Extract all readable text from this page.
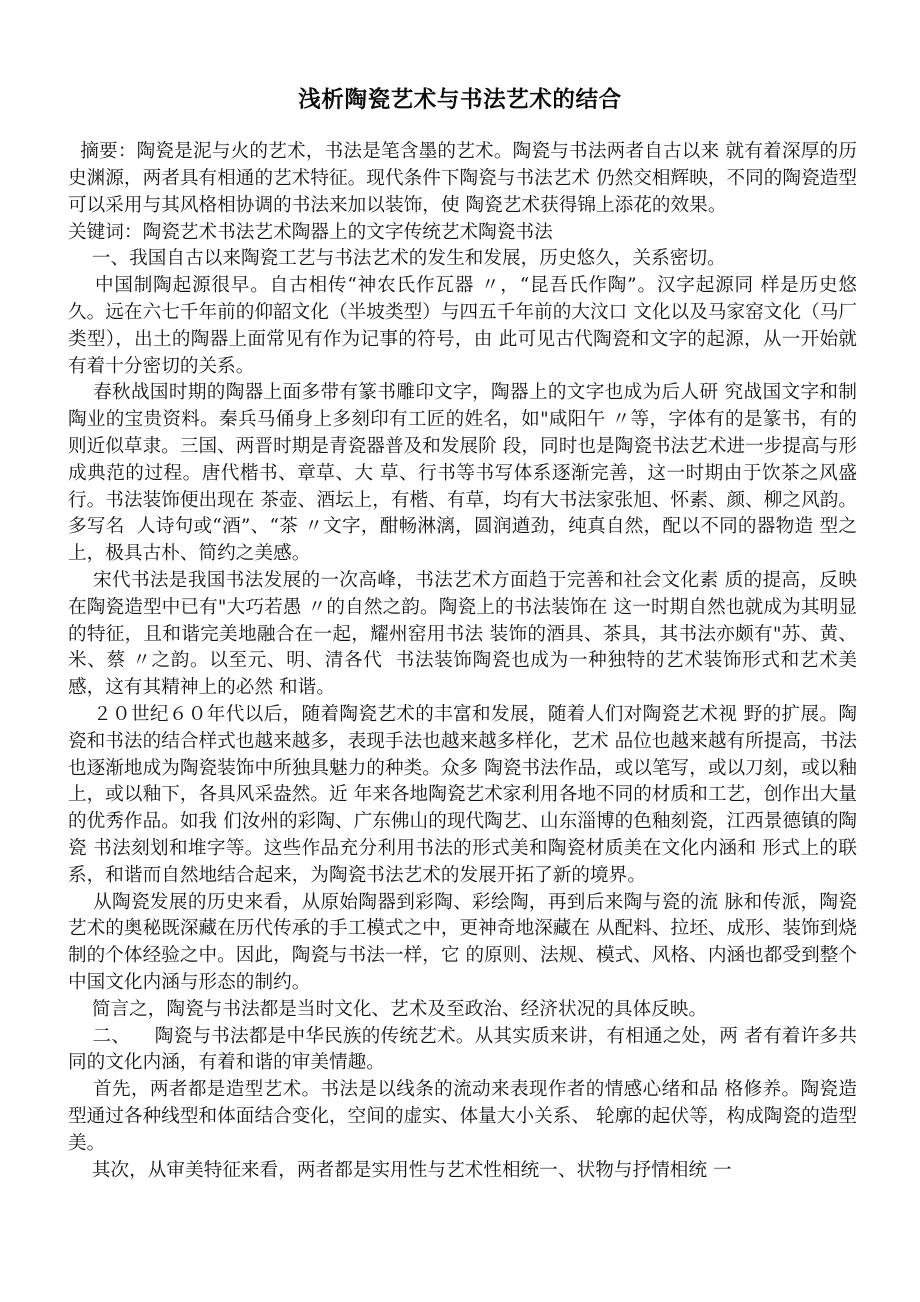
浅析陶瓷艺术与书法艺术的结合

摘要：陶瓷是泥与火的艺术，书法是笔含墨的艺术。陶瓷与书法两者自古以来 就有着深厚的历史渊源，两者具有相通的艺术特征。现代条件下陶瓷与书法艺术 仍然交相辉映，不同的陶瓷造型可以采用与其风格相协调的书法来加以装饰，使 陶瓷艺术获得锦上添花的效果。

关键词：陶瓷艺术书法艺术陶器上的文字传统艺术陶瓷书法

一、我国自古以来陶瓷工艺与书法艺术的发生和发展，历史悠久，关系密切。

中国制陶起源很早。自古相传“神农氏作瓦器 〃，“昆吾氏作陶”。汉字起源同 样是历史悠久。远在六七千年前的仰韶文化（半坡类型）与四五千年前的大汶口 文化以及马家窑文化（马厂类型），出土的陶器上面常见有作为记事的符号，由 此可见古代陶瓷和文字的起源，从一开始就有着十分密切的关系。

春秋战国时期的陶器上面多带有篆书雕印文字，陶器上的文字也成为后人研 究战国文字和制陶业的宝贵资料。秦兵马俑身上多刻印有工匠的姓名，如"咸阳午 〃等，字体有的是篆书，有的则近似草隶。三国、两晋时期是青瓷器普及和发展阶 段，同时也是陶瓷书法艺术进一步提高与形成典范的过程。唐代楷书、章草、大 草、行书等书写体系逐渐完善，这一时期由于饮茶之风盛行。书法装饰便出现在 茶壶、酒坛上，有楷、有草，均有大书法家张旭、怀素、颜、柳之风韵。多写名  人诗句或“酒”、“茶 〃文字，酣畅淋漓，圆润遒劲，纯真自然，配以不同的器物造 型之上，极具古朴、简约之美感。

宋代书法是我国书法发展的一次高峰，书法艺术方面趋于完善和社会文化素 质的提高，反映在陶瓷造型中已有"大巧若愚 〃的自然之韵。陶瓷上的书法装饰在 这一时期自然也就成为其明显的特征，且和谐完美地融合在一起，耀州窑用书法 装饰的酒具、茶具，其书法亦颇有"苏、黄、米、蔡 〃之韵。以至元、明、清各代  书法装饰陶瓷也成为一种独特的艺术装饰形式和艺术美感，这有其精神上的必然 和谐。

２０世纪６０年代以后，随着陶瓷艺术的丰富和发展，随着人们对陶瓷艺术视 野的扩展。陶瓷和书法的结合样式也越来越多，表现手法也越来越多样化，艺术 品位也越来越有所提高，书法也逐渐地成为陶瓷装饰中所独具魅力的种类。众多 陶瓷书法作品，或以笔写，或以刀刻，或以釉上，或以釉下，各具风采盎然。近 年来各地陶瓷艺术家利用各地不同的材质和工艺，创作出大量的优秀作品。如我 们汝州的彩陶、广东佛山的现代陶艺、山东淄博的色釉刻瓷，江西景德镇的陶瓷 书法刻划和堆字等。这些作品充分利用书法的形式美和陶瓷材质美在文化内涵和 形式上的联系，和谐而自然地结合起来，为陶瓷书法艺术的发展开拓了新的境界。

从陶瓷发展的历史来看，从原始陶器到彩陶、彩绘陶，再到后来陶与瓷的流 脉和传派，陶瓷艺术的奥秘既深藏在历代传承的手工模式之中，更神奇地深藏在 从配料、拉坯、成形、装饰到烧制的个体经验之中。因此，陶瓷与书法一样，它 的原则、法规、模式、风格、内涵也都受到整个中国文化内涵与形态的制约。

简言之，陶瓷与书法都是当时文化、艺术及至政治、经济状况的具体反映。

二、    陶瓷与书法都是中华民族的传统艺术。从其实质来讲，有相通之处，两 者有着许多共同的文化内涵，有着和谐的审美情趣。

首先，两者都是造型艺术。书法是以线条的流动来表现作者的情感心绪和品 格修养。陶瓷造型通过各种线型和体面结合变化，空间的虚实、体量大小关系、 轮廓的起伏等，构成陶瓷的造型美。

其次，从审美特征来看，两者都是实用性与艺术性相统一、状物与抒情相统 一
